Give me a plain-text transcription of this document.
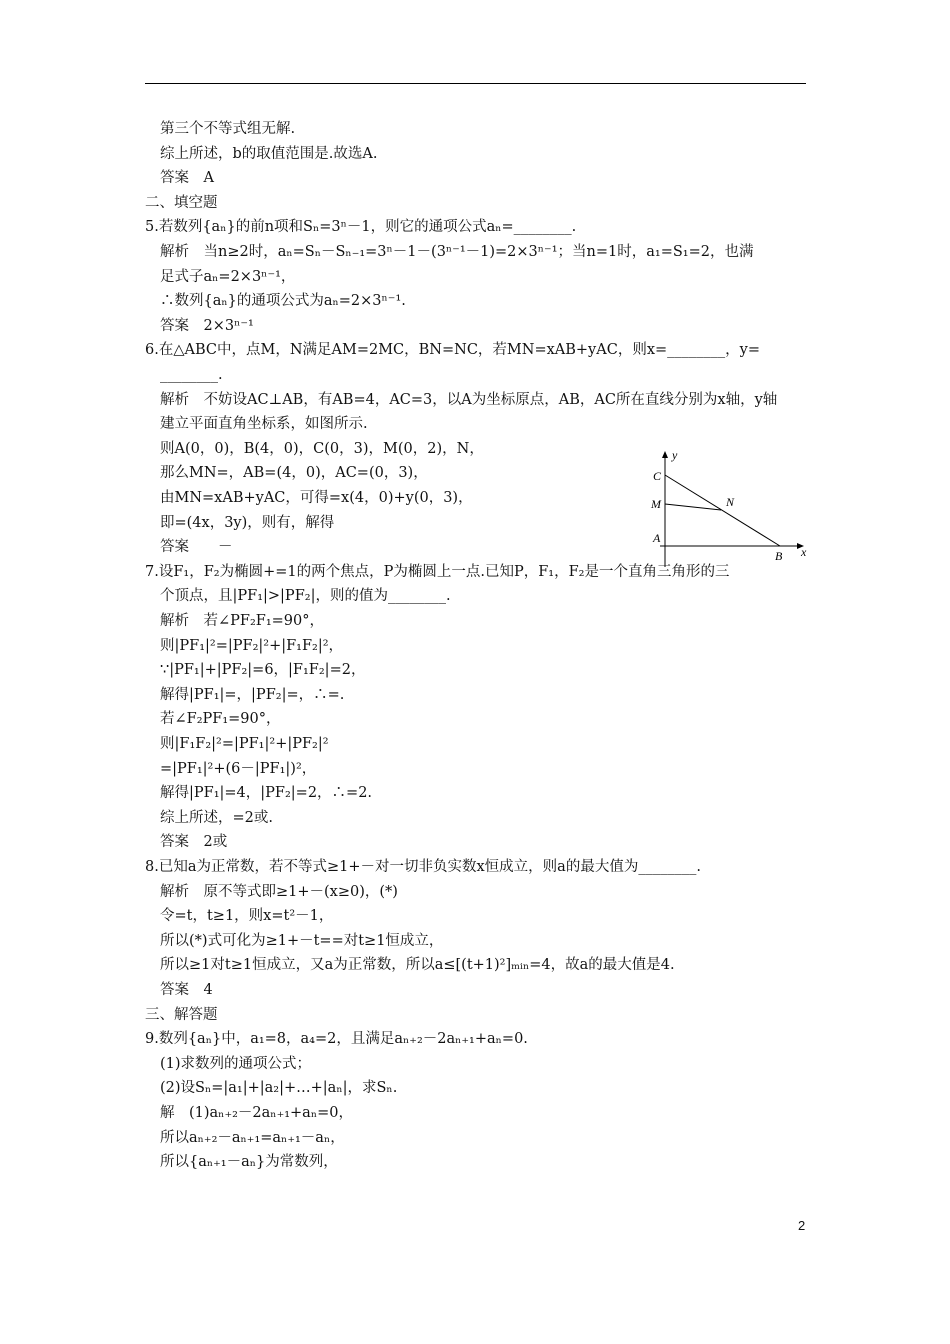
第三个不等式组无解.
综上所述，b的取值范围是.故选A.
答案　A
二、填空题
5.若数列{aₙ}的前n项和Sₙ=3ⁿ－1，则它的通项公式aₙ=________.
解析　当n≥2时，aₙ=Sₙ－Sₙ₋₁=3ⁿ－1－(3ⁿ⁻¹－1)=2×3ⁿ⁻¹；当n=1时，a₁=S₁=2，也满
足式子aₙ=2×3ⁿ⁻¹，
∴数列{aₙ}的通项公式为aₙ=2×3ⁿ⁻¹.
答案　2×3ⁿ⁻¹
6.在△ABC中，点M，N满足AM=2MC，BN=NC，若MN=xAB+yAC，则x=________，y=
________.
解析　不妨设AC⊥AB，有AB=4，AC=3，以A为坐标原点，AB，AC所在直线分别为x轴，y轴
建立平面直角坐标系，如图所示.
则A(0，0)，B(4，0)，C(0，3)，M(0，2)，N，
那么MN=，AB=(4，0)，AC=(0，3)，
由MN=xAB+yAC，可得=x(4，0)+y(0，3)，
即=(4x，3y)，则有，解得
答案　　－
7.设F₁，F₂为椭圆+=1的两个焦点，P为椭圆上一点.已知P，F₁，F₂是一个直角三角形的三
个顶点，且|PF₁|>|PF₂|，则的值为________.
解析　若∠PF₂F₁=90°，
则|PF₁|²=|PF₂|²+|F₁F₂|²，
∵|PF₁|+|PF₂|=6，|F₁F₂|=2，
解得|PF₁|=，|PF₂|=，∴=.
若∠F₂PF₁=90°，
则|F₁F₂|²=|PF₁|²+|PF₂|²
=|PF₁|²+(6－|PF₁|)²，
解得|PF₁|=4，|PF₂|=2，∴=2.
综上所述，=2或.
答案　2或
8.已知a为正常数，若不等式≥1+－对一切非负实数x恒成立，则a的最大值为________.
解析　原不等式即≥1+－(x≥0)，(*)
令=t，t≥1，则x=t²－1，
所以(*)式可化为≥1+－t==对t≥1恒成立，
所以≥1对t≥1恒成立，又a为正常数，所以a≤[(t+1)²]ₘᵢₙ=4，故a的最大值是4.
答案　4
三、解答题
9.数列{aₙ}中，a₁=8，a₄=2，且满足aₙ₊₂－2aₙ₊₁+aₙ=0.
(1)求数列的通项公式；
(2)设Sₙ=|a₁|+|a₂|+…+|aₙ|，求Sₙ.
解　(1)aₙ₊₂－2aₙ₊₁+aₙ=0，
所以aₙ₊₂－aₙ₊₁=aₙ₊₁－aₙ，
所以{aₙ₊₁－aₙ}为常数列，
C
M	N
A
B x
y
2
